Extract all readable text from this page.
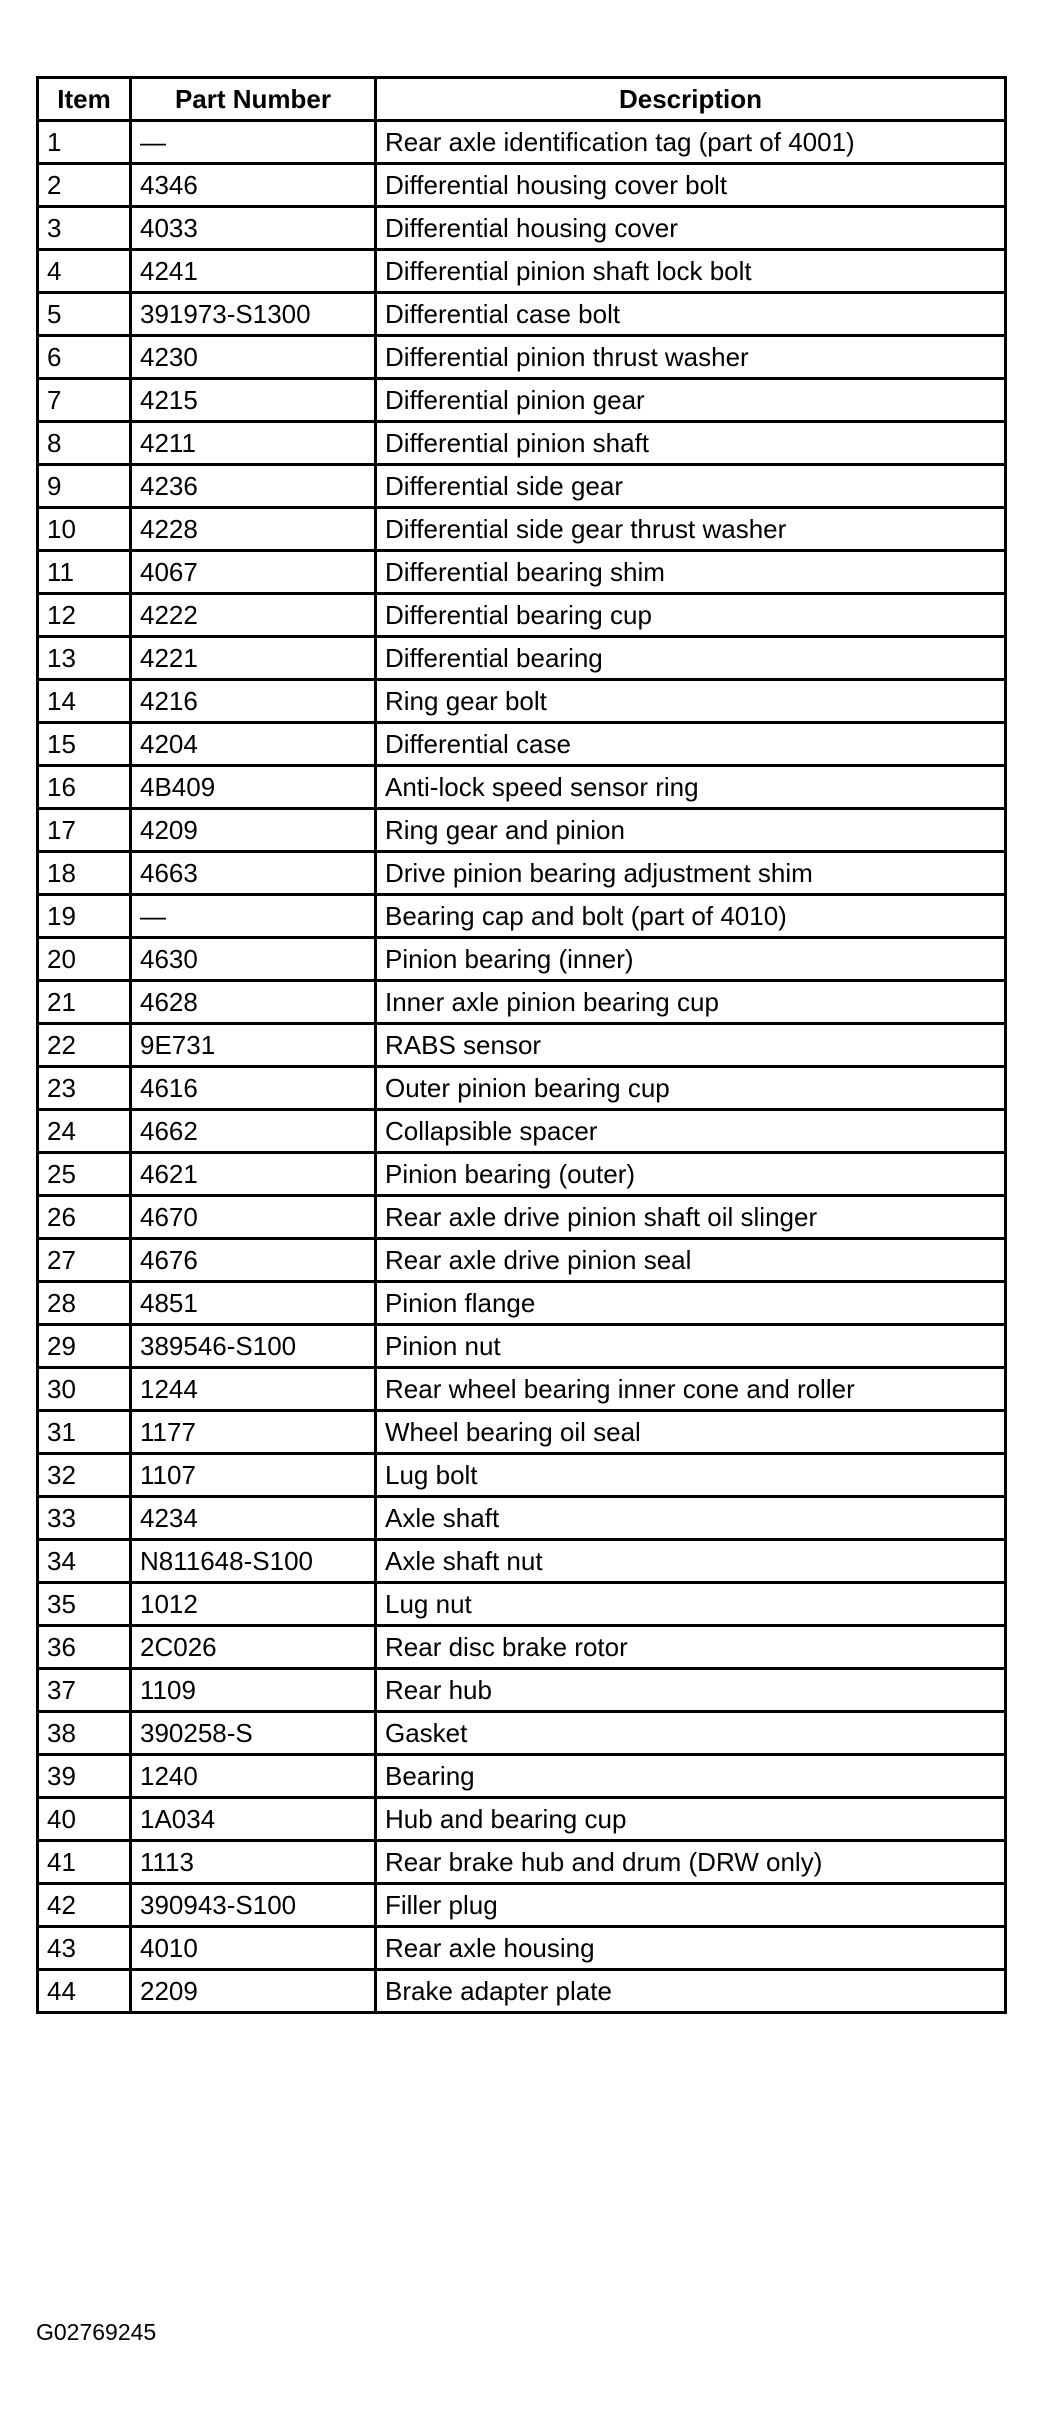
Item	Part Number	Description
1	—	Rear axle identification tag (part of 4001)
2	4346	Differential housing cover bolt
3	4033	Differential housing cover
4	4241	Differential pinion shaft lock bolt
5	391973-S1300	Differential case bolt
6	4230	Differential pinion thrust washer
7	4215	Differential pinion gear
8	4211	Differential pinion shaft
9	4236	Differential side gear
10	4228	Differential side gear thrust washer
11	4067	Differential bearing shim
12	4222	Differential bearing cup
13	4221	Differential bearing
14	4216	Ring gear bolt
15	4204	Differential case
16	4B409	Anti-lock speed sensor ring
17	4209	Ring gear and pinion
18	4663	Drive pinion bearing adjustment shim
19	—	Bearing cap and bolt (part of 4010)
20	4630	Pinion bearing (inner)
21	4628	Inner axle pinion bearing cup
22	9E731	RABS sensor
23	4616	Outer pinion bearing cup
24	4662	Collapsible spacer
25	4621	Pinion bearing (outer)
26	4670	Rear axle drive pinion shaft oil slinger
27	4676	Rear axle drive pinion seal
28	4851	Pinion flange
29	389546-S100	Pinion nut
30	1244	Rear wheel bearing inner cone and roller
31	1177	Wheel bearing oil seal
32	1107	Lug bolt
33	4234	Axle shaft
34	N811648-S100	Axle shaft nut
35	1012	Lug nut
36	2C026	Rear disc brake rotor
37	1109	Rear hub
38	390258-S	Gasket
39	1240	Bearing
40	1A034	Hub and bearing cup
41	1113	Rear brake hub and drum (DRW only)
42	390943-S100	Filler plug
43	4010	Rear axle housing
44	2209	Brake adapter plate
G02769245
